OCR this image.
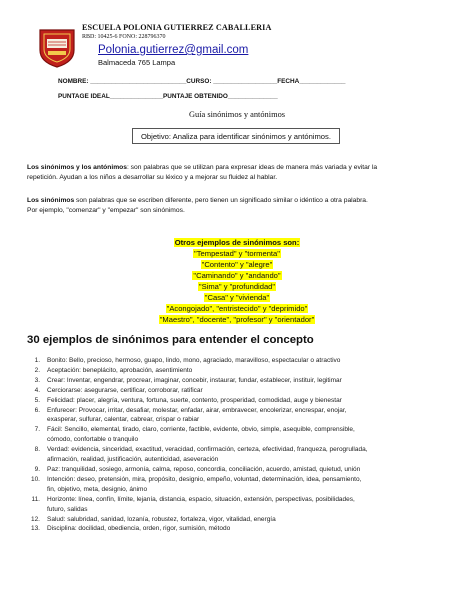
ESCUELA POLONIA GUTIERREZ CABALLERIA
RBD: 10425-6 FONO: 228796370
Polonia.gutierrez@gmail.com
Balmaceda 765 Lampa
NOMBRE: ___________________________CURSO: __________________FECHA_____________
PUNTAGE IDEAL_______________PUNTAJE OBTENIDO______________
Guía sinónimos y antónimos
Objetivo: Analiza para identificar sinónimos y antónimos.
Los sinónimos y los antónimos: son palabras que se utilizan para expresar ideas de manera más variada y evitar la
repetición. Ayudan a los niños a desarrollar su léxico y a mejorar su fluidez al hablar.
Los sinónimos son palabras que se escriben diferente, pero tienen un significado similar o idéntico a otra palabra.
Por ejemplo, "comenzar" y "empezar" son sinónimos.
Otros ejemplos de sinónimos son:
"Tempestad" y "tormenta"
"Contento" y "alegre"
"Caminando" y "andando"
"Sima" y "profundidad"
"Casa" y "vivienda"
"Acongojado", "entristecido" y "deprimido"
"Maestro", "docente", "profesor" y "orientador"
30 ejemplos de sinónimos para entender el concepto
1. Bonito: Bello, precioso, hermoso, guapo, lindo, mono, agraciado, maravilloso, espectacular o atractivo
2. Aceptación: beneplácito, aprobación, asentimiento
3. Crear: Inventar, engendrar, procrear, imaginar, concebir, instaurar, fundar, establecer, instituir, legitimar
4. Cerciorarse: asegurarse, certificar, corroborar, ratificar
5. Felicidad: placer, alegría, ventura, fortuna, suerte, contento, prosperidad, comodidad, auge y bienestar
6. Enfurecer: Provocar, irritar, desafiar, molestar, enfadar, airar, embravecer, encolerizar, encrespar, enojar,
exasperar, sulfurar, calentar, cabrear, crispar o rabiar
7. Fácil: Sencillo, elemental, tirado, claro, corriente, factible, evidente, obvio, simple, asequible, comprensible,
cómodo, confortable o tranquilo
8. Verdad: evidencia, sinceridad, exactitud, veracidad, confirmación, certeza, efectividad, franqueza, perogrullada,
afirmación, realidad, justificación, autenticidad, aseveración
9. Paz: tranquilidad, sosiego, armonía, calma, reposo, concordia, conciliación, acuerdo, amistad, quietud, unión
10. Intención: deseo, pretensión, mira, propósito, designio, empeño, voluntad, determinación, idea, pensamiento,
fin, objetivo, meta, designio, ánimo
11. Horizonte: línea, confín, límite, lejanía, distancia, espacio, situación, extensión, perspectivas, posibilidades,
futuro, salidas
12. Salud: salubridad, sanidad, lozanía, robustez, fortaleza, vigor, vitalidad, energía
13. Disciplina: docilidad, obediencia, orden, rigor, sumisión, método
